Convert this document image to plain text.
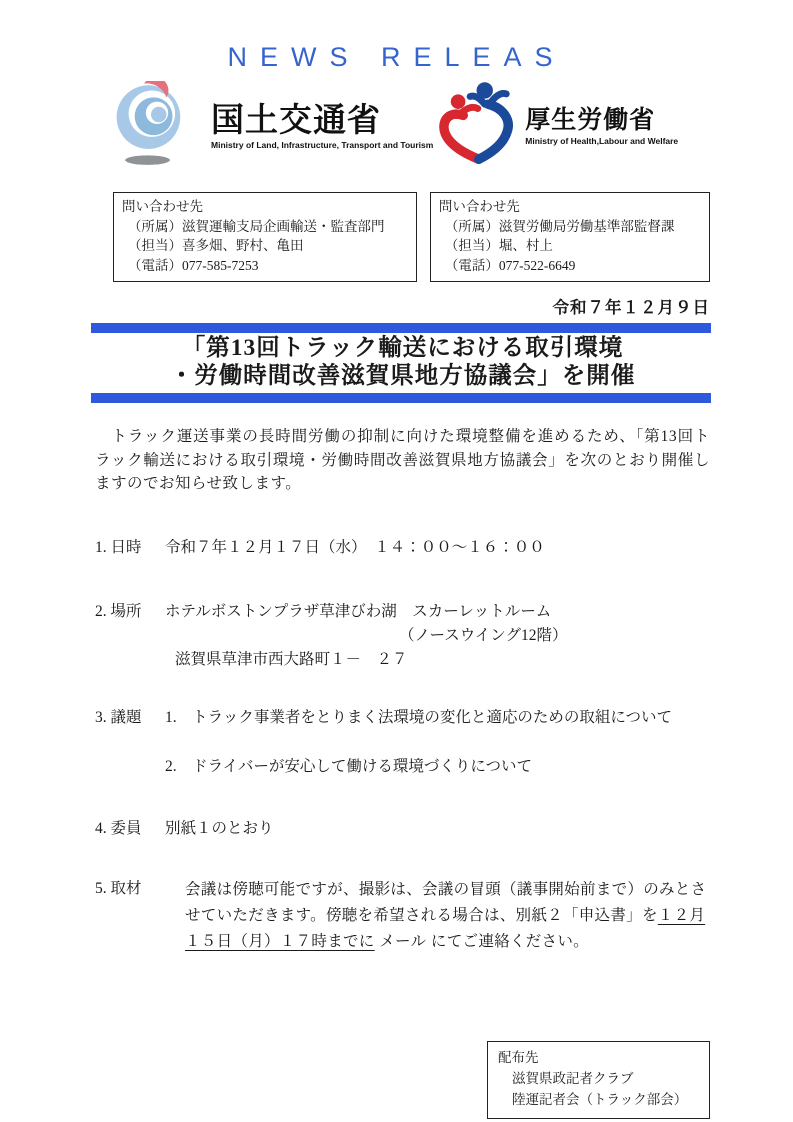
NEWS RELEAS
国土交通省
Ministry of Land, Infrastructure, Transport and Tourism
厚生労働省
Ministry of Health,Labour and Welfare
問い合わせ先
（所属）滋賀運輸支局企画輸送・監査部門
（担当）喜多畑、野村、亀田
（電話）077-585-7253
問い合わせ先
（所属）滋賀労働局労働基準部監督課
（担当）堀、村上
（電話）077-522-6649
令和７年１２月９日
「第13回トラック輸送における取引環境
・労働時間改善滋賀県地方協議会」を開催
　トラック運送事業の長時間労働の抑制に向けた環境整備を進めるため、「第13回トラック輸送における取引環境・労働時間改善滋賀県地方協議会」を次のとおり開催しますのでお知らせ致します。
1. 日時	令和７年１２月１７日（水）　１４：００～１６：００
2. 場所	ホテルボストンプラザ草津びわ湖　スカーレットルーム
（ノースウイング12階）
滋賀県草津市西大路町１－　２７
3. 議題	1.　トラック事業者をとりまく法環境の変化と適応のための取組について
2.　ドライバーが安心して働ける環境づくりについて
4. 委員	別紙１のとおり
5. 取材	会議は傍聴可能ですが、撮影は、会議の冒頭（議事開始前まで）のみとさせていただきます。傍聴を希望される場合は、別紙２「申込書」を１２月１５日（月）１７時までに メール にてご連絡ください。
配布先
滋賀県政記者クラブ
陸運記者会（トラック部会）
